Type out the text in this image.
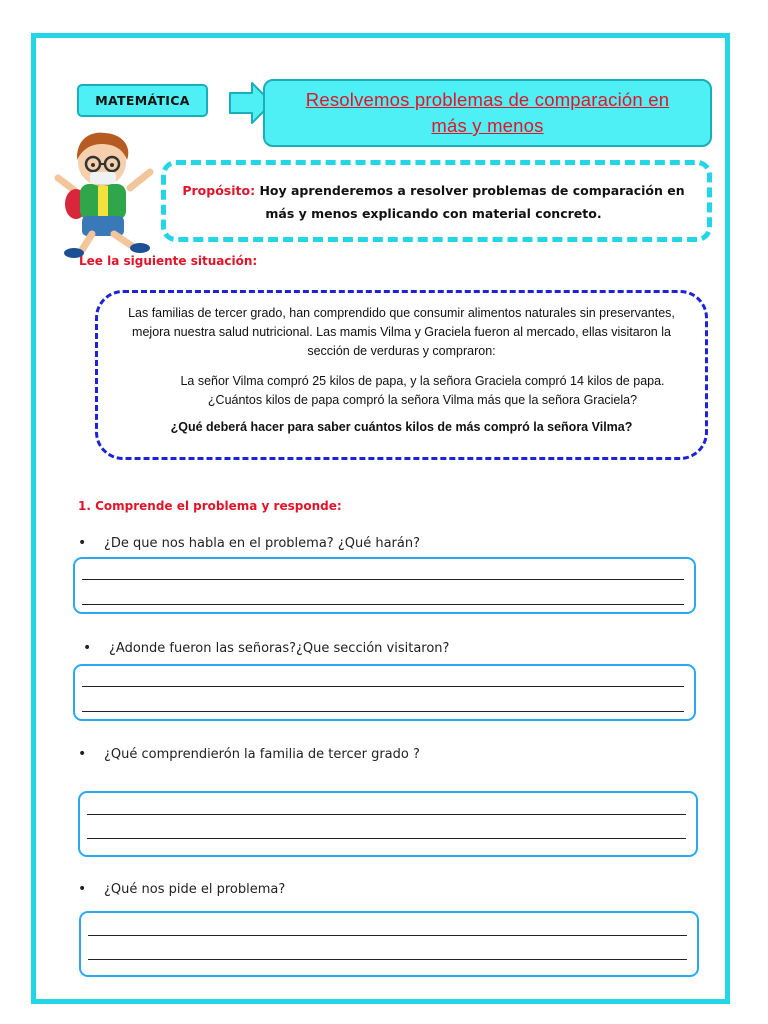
MATEMÁTICA	Resolvemos problemas de comparación en más y menos
Propósito: Hoy aprenderemos a resolver problemas de comparación en más y menos explicando con material concreto.
Lee la siguiente situación:
Las familias de tercer grado, han comprendido que consumir alimentos naturales sin preservantes, mejora nuestra salud nutricional. Las mamis Vilma y Graciela fueron al mercado, ellas visitaron la sección de verduras y compraron:
La señor Vilma compró 25 kilos de papa, y la señora Graciela compró 14 kilos de papa. ¿Cuántos kilos de papa compró la señora Vilma más que la señora Graciela?
¿Qué deberá hacer para saber cuántos kilos de más compró la señora Vilma?
1. Comprende el problema y responde:
• ¿De que nos habla en el problema? ¿Qué harán?
• ¿Adonde fueron las señoras?¿Que sección visitaron?
• ¿Qué comprendierón la familia de tercer grado ?
• ¿Qué nos pide el problema?
